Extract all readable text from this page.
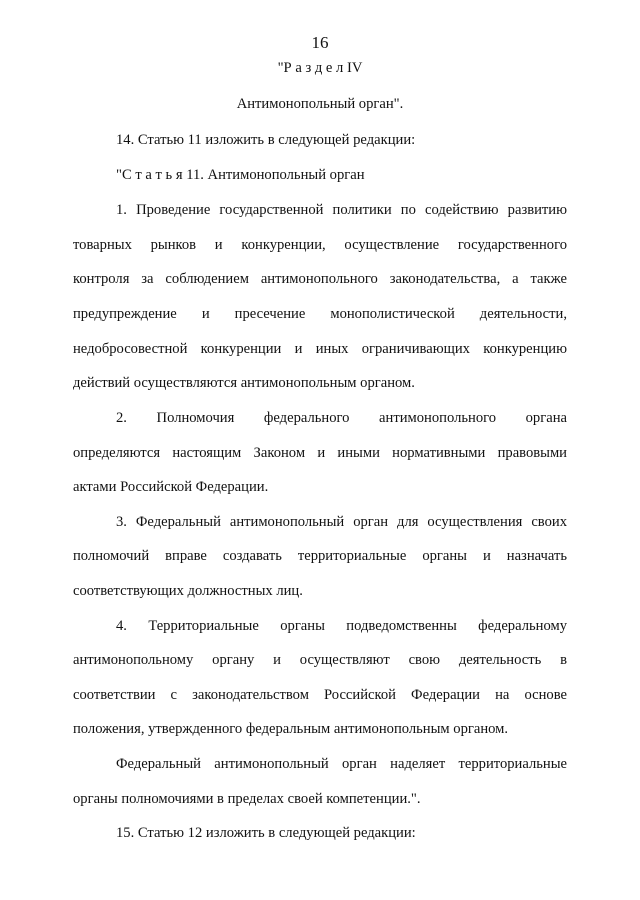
16
"Р а з д е л IV
Антимонопольный орган".
14. Статью 11 изложить в следующей редакции:
"С т а т ь я 11. Антимонопольный орган
1. Проведение государственной политики по содействию развитию
товарных рынков и конкуренции, осуществление государственного
контроля за соблюдением антимонопольного законодательства, а также
предупреждение и пресечение монополистической деятельности,
недобросовестной конкуренции и иных ограничивающих конкуренцию
действий осуществляются антимонопольным органом.
2. Полномочия федерального антимонопольного органа
определяются настоящим Законом и иными нормативными правовыми
актами Российской Федерации.
3. Федеральный антимонопольный орган для осуществления своих
полномочий вправе создавать территориальные органы и назначать
соответствующих должностных лиц.
4. Территориальные органы подведомственны федеральному
антимонопольному органу и осуществляют свою деятельность в
соответствии с законодательством Российской Федерации на основе
положения, утвержденного федеральным антимонопольным органом.
Федеральный антимонопольный орган наделяет территориальные
органы полномочиями в пределах своей компетенции.".
15. Статью 12 изложить в следующей редакции:
